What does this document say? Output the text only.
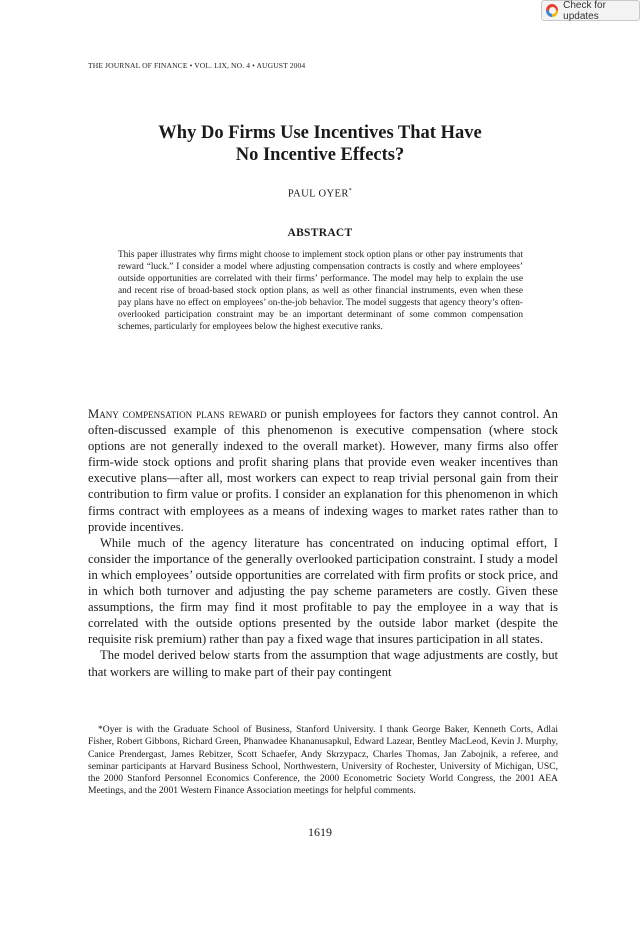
Check for updates
THE JOURNAL OF FINANCE • VOL. LIX, NO. 4 • AUGUST 2004
Why Do Firms Use Incentives That Have
No Incentive Effects?
PAUL OYER*
ABSTRACT
This paper illustrates why firms might choose to implement stock option plans or other pay instruments that reward “luck.” I consider a model where adjusting compensation contracts is costly and where employees’ outside opportunities are correlated with their firms’ performance. The model may help to explain the use and recent rise of broad-based stock option plans, as well as other financial instruments, even when these pay plans have no effect on employees’ on-the-job behavior. The model suggests that agency theory’s often-overlooked participation constraint may be an important determinant of some common compensation schemes, particularly for employees below the highest executive ranks.

Many compensation plans reward or punish employees for factors they cannot control. An often-discussed example of this phenomenon is executive compensation (where stock options are not generally indexed to the overall market). However, many firms also offer firm-wide stock options and profit sharing plans that provide even weaker incentives than executive plans—after all, most workers can expect to reap trivial personal gain from their contribution to firm value or profits. I consider an explanation for this phenomenon in which firms contract with employees as a means of indexing wages to market rates rather than to provide incentives.

While much of the agency literature has concentrated on inducing optimal effort, I consider the importance of the generally overlooked participation constraint. I study a model in which employees’ outside opportunities are correlated with firm profits or stock price, and in which both turnover and adjusting the pay scheme parameters are costly. Given these assumptions, the firm may find it most profitable to pay the employee in a way that is correlated with the outside options presented by the outside labor market (despite the requisite risk premium) rather than pay a fixed wage that insures participation in all states.

The model derived below starts from the assumption that wage adjustments are costly, but that workers are willing to make part of their pay contingent

*Oyer is with the Graduate School of Business, Stanford University. I thank George Baker, Kenneth Corts, Adlai Fisher, Robert Gibbons, Richard Green, Phanwadee Khananusapkul, Edward Lazear, Bentley MacLeod, Kevin J. Murphy, Canice Prendergast, James Rebitzer, Scott Schaefer, Andy Skrzypacz, Charles Thomas, Jan Zabojnik, a referee, and seminar participants at Harvard Business School, Northwestern, University of Rochester, University of Michigan, USC, the 2000 Stanford Personnel Economics Conference, the 2000 Econometric Society World Congress, the 2001 AEA Meetings, and the 2001 Western Finance Association meetings for helpful comments.
1619
